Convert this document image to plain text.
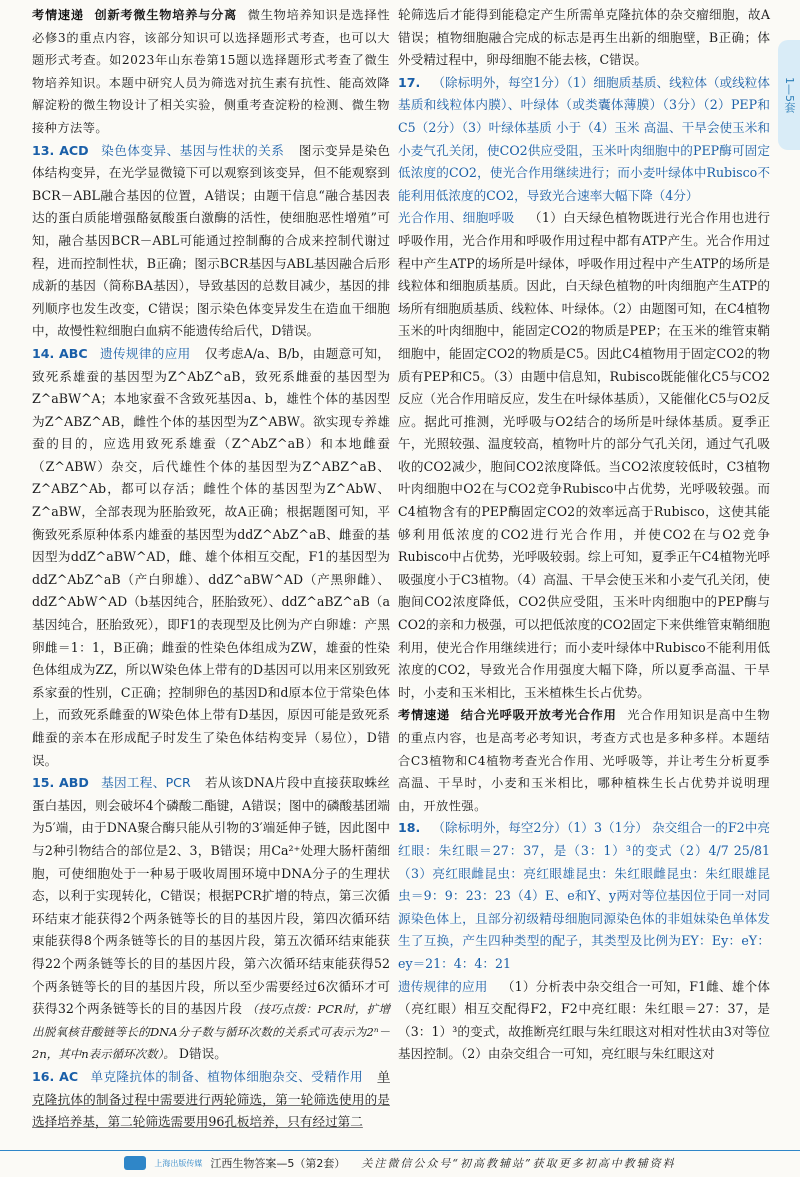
考情速递 创新考微生物培养与分离 微生物培养知识是选择性必修3的重点内容，该部分知识可以选择题形式考查，也可以大题形式考查。如2023年山东卷第15题以选择题形式考查了微生物培养知识。本题中研究人员为筛选对抗生素有抗性、能高效降解淀粉的微生物设计了相关实验，侧重考查淀粉的检测、微生物接种方法等。
13. ACD 染色体变异、基因与性状的关系 图示变异是染色体结构变异，在光学显微镜下可以观察到该变异，但不能观察到BCR－ABL融合基因的位置，A错误；由题干信息“融合基因表达的蛋白质能增强酪氨酸蛋白激酶的活性，使细胞恶性增殖”可知，融合基因BCR－ABL可能通过控制酶的合成来控制代谢过程，进而控制性状，B正确；图示BCR基因与ABL基因融合后形成新的基因（简称BA基因），导致基因的总数目减少，基因的排列顺序也发生改变，C错误；图示染色体变异发生在造血干细胞中，故慢性粒细胞白血病不能遗传给后代，D错误。
14. ABC 遗传规律的应用 仅考虑A/a、B/b，由题意可知，致死系雄蚕的基因型为Z^AbZ^aB，致死系雌蚕的基因型为Z^aBW^A；本地家蚕不含致死基因a、b，雄性个体的基因型为Z^ABZ^AB，雌性个体的基因型为Z^ABW。欲实现专养雄蚕的目的，应选用致死系雄蚕（Z^AbZ^aB）和本地雌蚕（Z^ABW）杂交，后代雄性个体的基因型为Z^ABZ^aB、Z^ABZ^Ab，都可以存活；雌性个体的基因型为Z^AbW、Z^aBW，全部表现为胚胎致死，故A正确；根据题图可知，平衡致死系原种体系内雄蚕的基因型为ddZ^AbZ^aB、雌蚕的基因型为ddZ^aBW^AD，雌、雄个体相互交配，F1的基因型为ddZ^AbZ^aB（产白卵雄）、ddZ^aBW^AD（产黑卵雌）、ddZ^AbW^AD（b基因纯合，胚胎致死）、ddZ^aBZ^aB（a基因纯合，胚胎致死），即F1的表现型及比例为产白卵雄：产黑卵雌＝1：1，B正确；雌蚕的性染色体组成为ZW，雄蚕的性染色体组成为ZZ，所以W染色体上带有的D基因可以用来区别致死系家蚕的性别，C正确；控制卵色的基因D和d原本位于常染色体上，而致死系雌蚕的W染色体上带有D基因，原因可能是致死系雌蚕的亲本在形成配子时发生了染色体结构变异（易位），D错误。
15. ABD 基因工程、PCR 若从该DNA片段中直接获取蛛丝蛋白基因，则会破坏4个磷酸二酯键，A错误；图中的磷酸基团端为5′端，由于DNA聚合酶只能从引物的3′端延伸子链，因此图中与2种引物结合的部位是2、3，B错误；用Ca²⁺处理大肠杆菌细胞，可使细胞处于一种易于吸收周围环境中DNA分子的生理状态，以利于实现转化，C错误；根据PCR扩增的特点，第三次循环结束才能获得2个两条链等长的目的基因片段，第四次循环结束能获得8个两条链等长的目的基因片段，第五次循环结束能获得22个两条链等长的目的基因片段，第六次循环结束能获得52个两条链等长的目的基因片段，所以至少需要经过6次循环才可获得32个两条链等长的目的基因片段 （技巧点拨：PCR时，扩增出脱氧核苷酸链等长的DNA分子数与循环次数的关系式可表示为2ⁿ－2n，其中n表示循环次数）。 D错误。
16. AC 单克隆抗体的制备、植物体细胞杂交、受精作用 单克隆抗体的制备过程中需要进行两轮筛选，第一轮筛选使用的是选择培养基，第二轮筛选需要用96孔板培养，只有经过第二
轮筛选后才能得到能稳定产生所需单克隆抗体的杂交瘤细胞，故A错误；植物细胞融合完成的标志是再生出新的细胞壁，B正确；体外受精过程中，卵母细胞不能去核，C错误。
17. （除标明外，每空1分）（1）细胞质基质、线粒体（或线粒体基质和线粒体内膜）、叶绿体（或类囊体薄膜）（3分）（2）PEP和C5（2分）（3）叶绿体基质 小于（4）玉米 高温、干旱会使玉米和小麦气孔关闭，使CO2供应受阻，玉米叶肉细胞中的PEP酶可固定低浓度的CO2，使光合作用继续进行；而小麦叶绿体中Rubisco不能利用低浓度的CO2，导致光合速率大幅下降（4分）
光合作用、细胞呼吸 （1）白天绿色植物既进行光合作用也进行呼吸作用，光合作用和呼吸作用过程中都有ATP产生。光合作用过程中产生ATP的场所是叶绿体，呼吸作用过程中产生ATP的场所是线粒体和细胞质基质。因此，白天绿色植物的叶肉细胞产生ATP的场所有细胞质基质、线粒体、叶绿体。（2）由题图可知，在C4植物玉米的叶肉细胞中，能固定CO2的物质是PEP；在玉米的维管束鞘细胞中，能固定CO2的物质是C5。因此C4植物用于固定CO2的物质有PEP和C5。（3）由题中信息知，Rubisco既能催化C5与CO2反应（光合作用暗反应，发生在叶绿体基质），又能催化C5与O2反应。据此可推测，光呼吸与O2结合的场所是叶绿体基质。夏季正午，光照较强、温度较高，植物叶片的部分气孔关闭，通过气孔吸收的CO2减少，胞间CO2浓度降低。当CO2浓度较低时，C3植物叶肉细胞中O2在与CO2竞争Rubisco中占优势，光呼吸较强。而C4植物含有的PEP酶固定CO2的效率远高于Rubisco，这使其能够利用低浓度的CO2进行光合作用，并使CO2在与O2竞争Rubisco中占优势，光呼吸较弱。综上可知，夏季正午C4植物光呼吸强度小于C3植物。（4）高温、干旱会使玉米和小麦气孔关闭，使胞间CO2浓度降低，CO2供应受阻，玉米叶肉细胞中的PEP酶与CO2的亲和力极强，可以把低浓度的CO2固定下来供维管束鞘细胞利用，使光合作用继续进行；而小麦叶绿体中Rubisco不能利用低浓度的CO2，导致光合作用强度大幅下降，所以夏季高温、干旱时，小麦和玉米相比，玉米植株生长占优势。
考情速递 结合光呼吸开放考光合作用 光合作用知识是高中生物的重点内容，也是高考必考知识，考查方式也是多种多样。本题结合C3植物和C4植物考查光合作用、光呼吸等，并让考生分析夏季高温、干旱时，小麦和玉米相比，哪种植株生长占优势并说明理由，开放性强。
18. （除标明外，每空2分）（1）3（1分） 杂交组合一的F2中亮红眼：朱红眼＝27：37，是（3：1）³的变式（2）4/7 25/81（3）亮红眼雌昆虫：亮红眼雄昆虫：朱红眼雌昆虫：朱红眼雄昆虫＝9：9：23：23（4）E、e和Y、y两对等位基因位于同一对同源染色体上，且部分初级精母细胞同源染色体的非姐妹染色单体发生了互换，产生四种类型的配子，其类型及比例为EY：Ey：eY：ey＝21：4：4：21
遗传规律的应用 （1）分析表中杂交组合一可知，F1雌、雄个体（亮红眼）相互交配得F2，F2中亮红眼：朱红眼＝27：37，是（3：1）³的变式，故推断亮红眼与朱红眼这对相对性状由3对等位基因控制。（2）由杂交组合一可知，亮红眼与朱红眼这对
1—5套
上海出版传媒 江西生物答案—5（第2套） 关注微信公众号“初高教辅站”获取更多初高中教辅资料
